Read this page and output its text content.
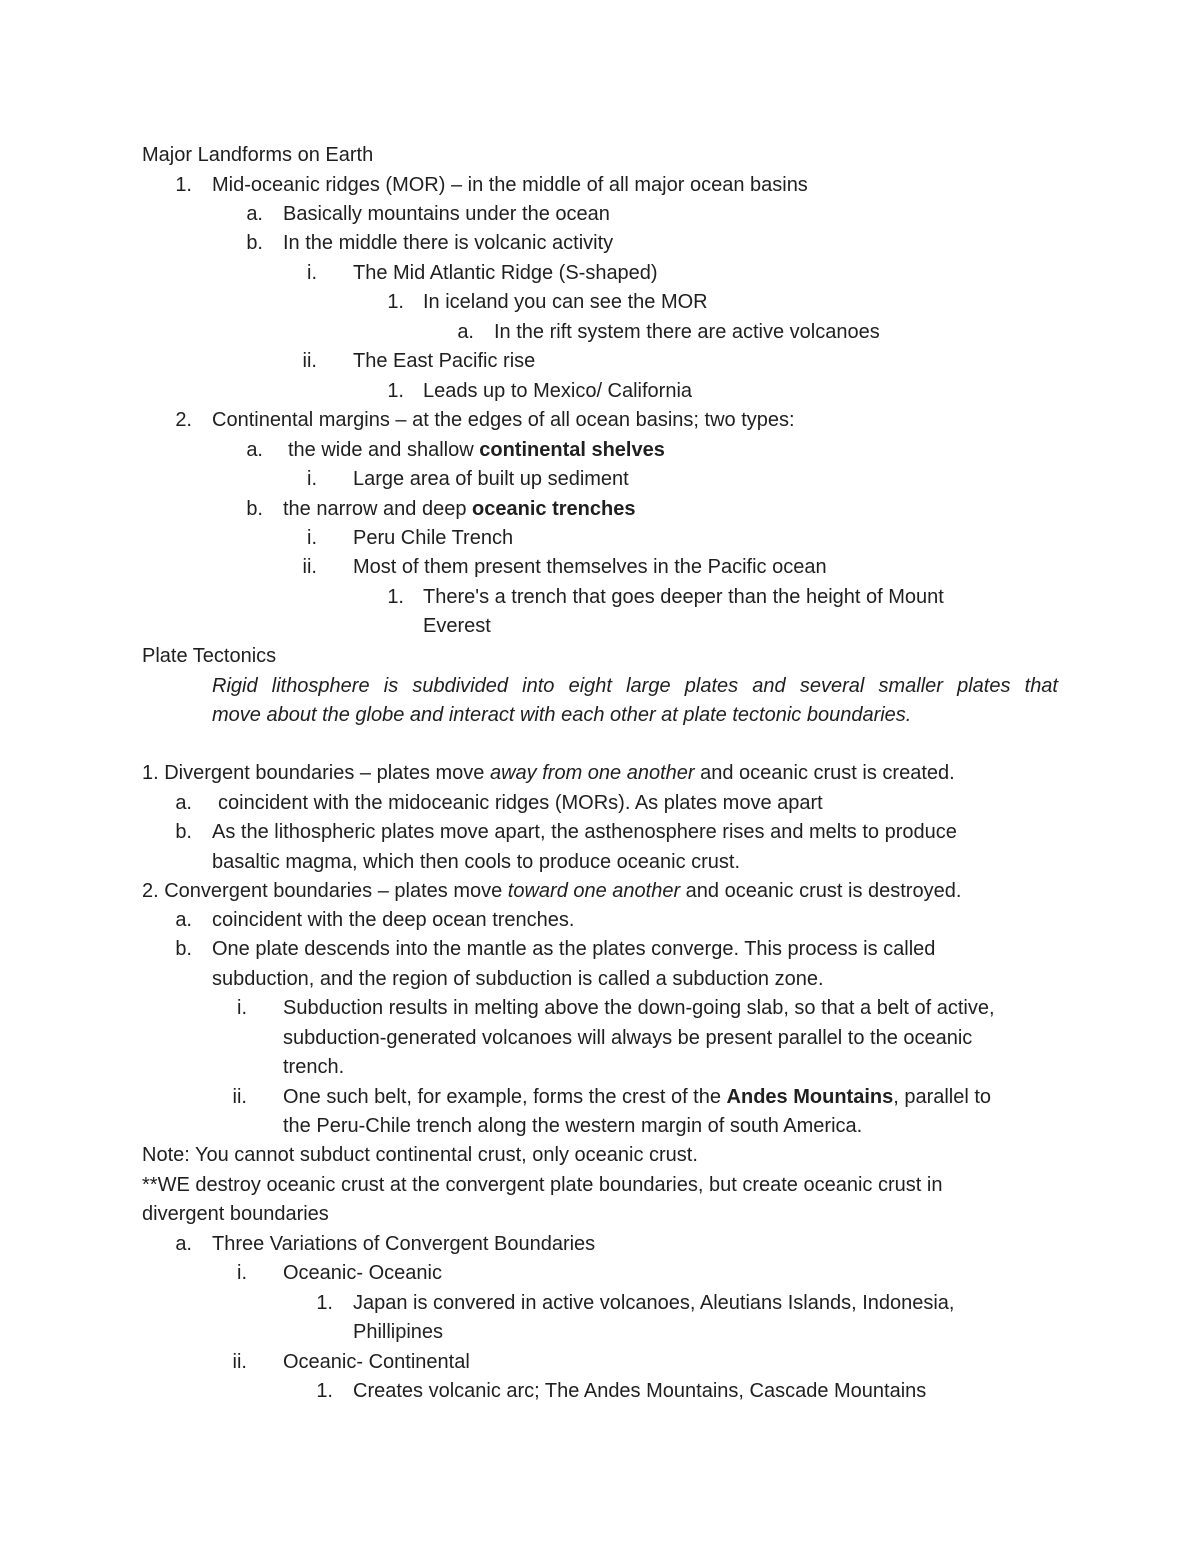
Major Landforms on Earth
1. Mid-oceanic ridges (MOR) – in the middle of all major ocean basins
a. Basically mountains under the ocean
b. In the middle there is volcanic activity
i. The Mid Atlantic Ridge (S-shaped)
1. In iceland you can see the MOR
a. In the rift system there are active volcanoes
ii. The East Pacific rise
1. Leads up to Mexico/ California
2. Continental margins – at the edges of all ocean basins; two types:
a. the wide and shallow continental shelves
i. Large area of built up sediment
b. the narrow and deep oceanic trenches
i. Peru Chile Trench
ii. Most of them present themselves in the Pacific ocean
1. There's a trench that goes deeper than the height of Mount
Everest
Plate Tectonics
Rigid lithosphere is subdivided into eight large plates and several smaller plates that
move about the globe and interact with each other at plate tectonic boundaries.
1. Divergent boundaries – plates move away from one another and oceanic crust is created.
a. coincident with the midoceanic ridges (MORs). As plates move apart
b. As the lithospheric plates move apart, the asthenosphere rises and melts to produce
basaltic magma, which then cools to produce oceanic crust.
2. Convergent boundaries – plates move toward one another and oceanic crust is destroyed.
a. coincident with the deep ocean trenches.
b. One plate descends into the mantle as the plates converge. This process is called
subduction, and the region of subduction is called a subduction zone.
i. Subduction results in melting above the down-going slab, so that a belt of active,
subduction-generated volcanoes will always be present parallel to the oceanic
trench.
ii. One such belt, for example, forms the crest of the Andes Mountains, parallel to
the Peru-Chile trench along the western margin of south America.
Note: You cannot subduct continental crust, only oceanic crust.
**WE destroy oceanic crust at the convergent plate boundaries, but create oceanic crust in
divergent boundaries
a. Three Variations of Convergent Boundaries
i. Oceanic- Oceanic
1. Japan is convered in active volcanoes, Aleutians Islands, Indonesia,
Phillipines
ii. Oceanic- Continental
1. Creates volcanic arc; The Andes Mountains, Cascade Mountains
